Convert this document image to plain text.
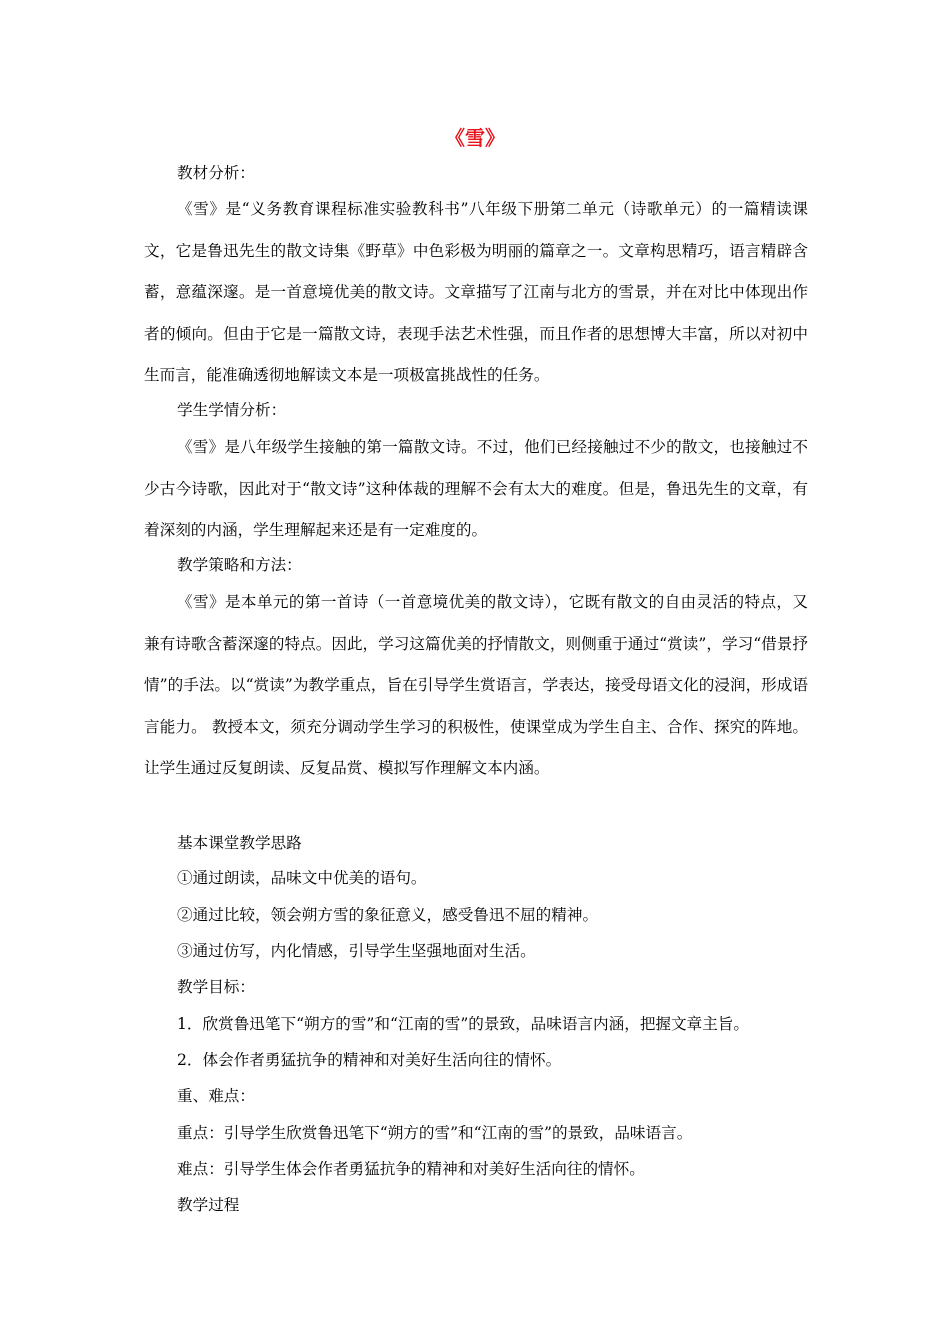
《雪》
教材分析：
《雪》是“义务教育课程标准实验教科书”八年级下册第二单元（诗歌单元）的一篇精读课文，它是鲁迅先生的散文诗集《野草》中色彩极为明丽的篇章之一。文章构思精巧，语言精辟含蓄，意蕴深邃。是一首意境优美的散文诗。文章描写了江南与北方的雪景，并在对比中体现出作者的倾向。但由于它是一篇散文诗，表现手法艺术性强，而且作者的思想博大丰富，所以对初中生而言，能准确透彻地解读文本是一项极富挑战性的任务。
学生学情分析：
《雪》是八年级学生接触的第一篇散文诗。不过，他们已经接触过不少的散文，也接触过不少古今诗歌，因此对于“散文诗”这种体裁的理解不会有太大的难度。但是，鲁迅先生的文章，有着深刻的内涵，学生理解起来还是有一定难度的。
教学策略和方法：
《雪》是本单元的第一首诗（一首意境优美的散文诗），它既有散文的自由灵活的特点，又兼有诗歌含蓄深邃的特点。因此，学习这篇优美的抒情散文，则侧重于通过“赏读”，学习“借景抒情”的手法。以“赏读”为教学重点，旨在引导学生赏语言，学表达，接受母语文化的浸润，形成语言能力。 教授本文，须充分调动学生学习的积极性，使课堂成为学生自主、合作、探究的阵地。让学生通过反复朗读、反复品赏、模拟写作理解文本内涵。
基本课堂教学思路
①通过朗读，品味文中优美的语句。
②通过比较，领会朔方雪的象征意义，感受鲁迅不屈的精神。
③通过仿写，内化情感，引导学生坚强地面对生活。
教学目标：
1．欣赏鲁迅笔下“朔方的雪”和“江南的雪”的景致，品味语言内涵，把握文章主旨。
2．体会作者勇猛抗争的精神和对美好生活向往的情怀。
重、难点：
重点：引导学生欣赏鲁迅笔下“朔方的雪”和“江南的雪”的景致，品味语言。
难点：引导学生体会作者勇猛抗争的精神和对美好生活向往的情怀。
教学过程
